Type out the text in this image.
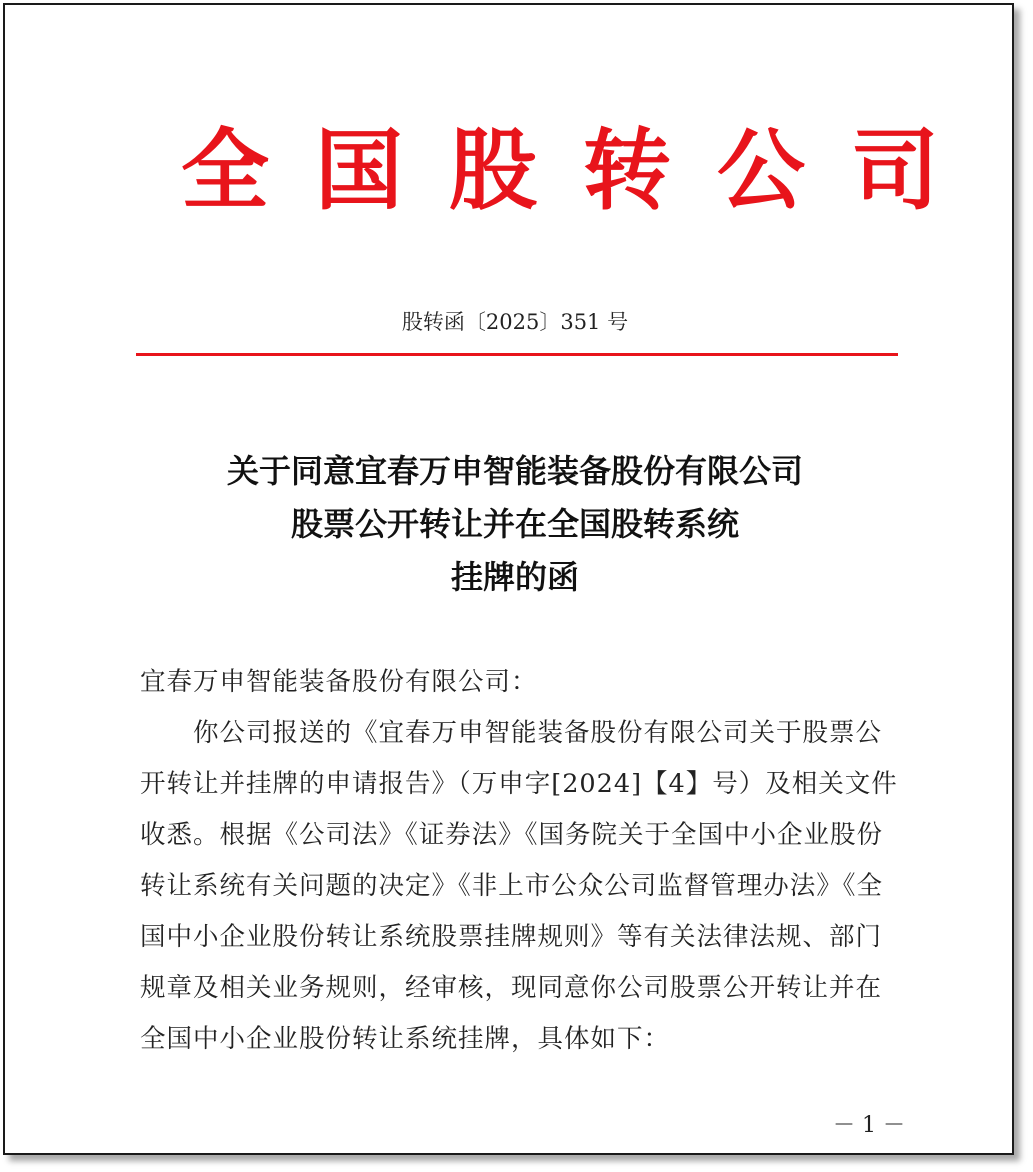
全国股转公司
股转函〔2025〕351 号
关于同意宜春万申智能装备股份有限公司
股票公开转让并在全国股转系统
挂牌的函
宜春万申智能装备股份有限公司：
　　你公司报送的《宜春万申智能装备股份有限公司关于股票公
开转让并挂牌的申请报告》（万申字[2024]【4】号）及相关文件
收悉。根据《公司法》《证券法》《国务院关于全国中小企业股份
转让系统有关问题的决定》《非上市公众公司监督管理办法》《全
国中小企业股份转让系统股票挂牌规则》等有关法律法规、部门
规章及相关业务规则，经审核，现同意你公司股票公开转让并在
全国中小企业股份转让系统挂牌，具体如下：
－ 1 －
